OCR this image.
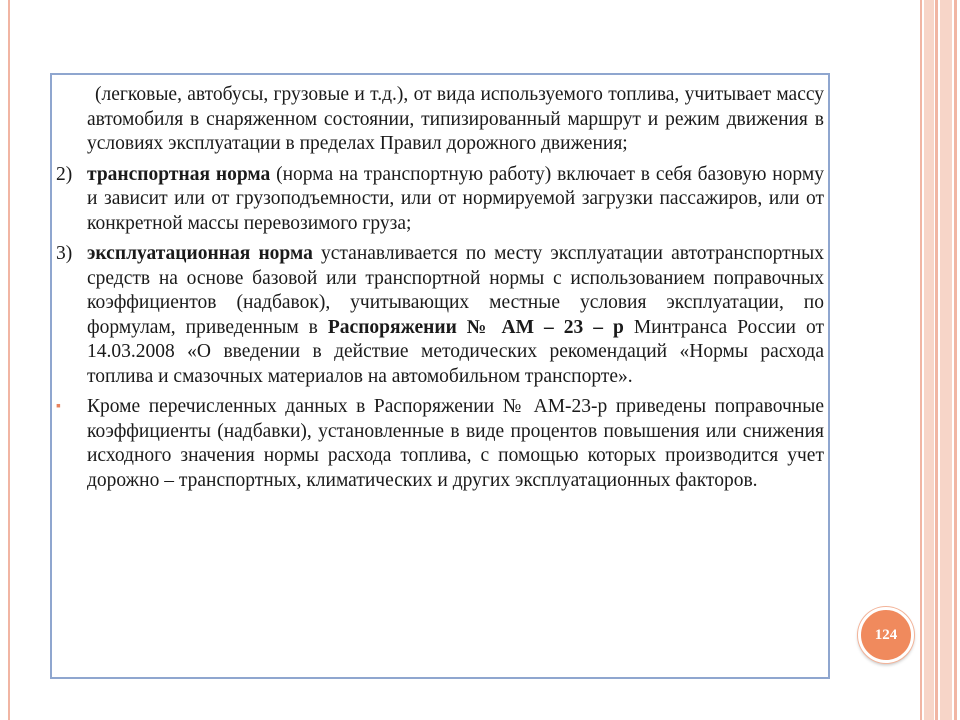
(легковые, автобусы, грузовые и т.д.), от вида используемого топлива, учитывает массу автомобиля в снаряженном состоянии, типизированный маршрут и режим движения в условиях эксплуатации в пределах Правил дорожного движения;
2) транспортная норма (норма на транспортную работу) включает в себя базовую норму и зависит или от грузоподъемности, или от нормируемой загрузки пассажиров, или от конкретной массы перевозимого груза;
3) эксплуатационная норма устанавливается по месту эксплуатации автотранспортных средств на основе базовой или транспортной нормы с использованием поправочных коэффициентов (надбавок), учитывающих местные условия эксплуатации, по формулам, приведенным в Распоряжении № АМ – 23 – р Минтранса России от 14.03.2008 «О введении в действие методических рекомендаций «Нормы расхода топлива и смазочных материалов на автомобильном транспорте».
▪	Кроме перечисленных данных в Распоряжении № АМ-23-р приведены поправочные коэффициенты (надбавки), установленные в виде процентов повышения или снижения исходного значения нормы расхода топлива, с помощью которых производится учет дорожно – транспортных, климатических и других эксплуатационных факторов.
124
